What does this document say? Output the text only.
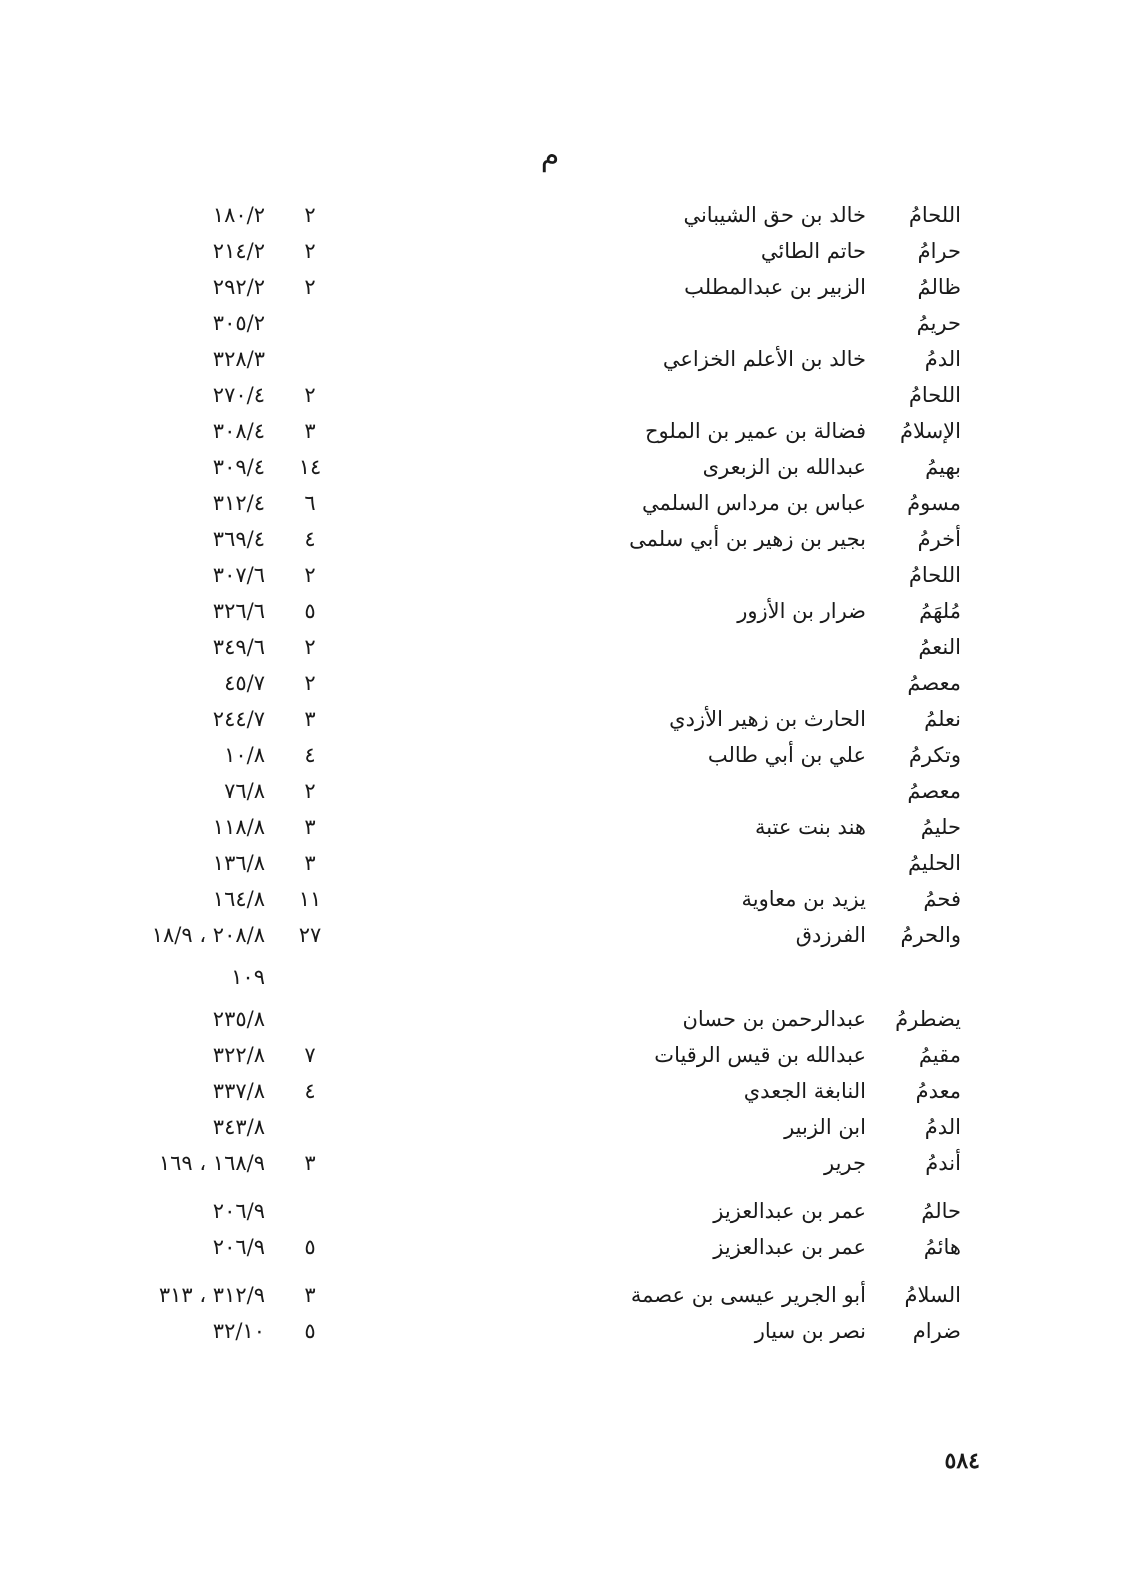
م
اللحامُ
خالد بن حق الشيباني
٢
١٨٠/٢
حرامُ
حاتم الطائي
٢
٢١٤/٢
ظالمُ
الزبير بن عبدالمطلب
٢
٢٩٢/٢
حريمُ
٣٠٥/٢
الدمُ
خالد بن الأعلم الخزاعي
٣٢٨/٣
اللحامُ
٢
٢٧٠/٤
الإسلامُ
فضالة بن عمير بن الملوح
٣
٣٠٨/٤
بهيمُ
عبدالله بن الزبعرى
١٤
٣٠٩/٤
مسومُ
عباس بن مرداس السلمي
٦
٣١٢/٤
أخرمُ
بجير بن زهير بن أبي سلمى
٤
٣٦٩/٤
اللحامُ
٢
٣٠٧/٦
مُلهَمُ
ضرار بن الأزور
٥
٣٢٦/٦
النعمُ
٢
٣٤٩/٦
معصمُ
٢
٤٥/٧
نعلمُ
الحارث بن زهير الأزدي
٣
٢٤٤/٧
وتكرمُ
علي بن أبي طالب
٤
١٠/٨
معصمُ
٢
٧٦/٨
حليمُ
هند بنت عتبة
٣
١١٨/٨
الحليمُ
٣
١٣٦/٨
فحمُ
يزيد بن معاوية
١١
١٦٤/٨
والحرمُ
الفرزدق
٢٧
٢٠٨/٨ ، ١٨/٩
١٠٩
يضطرمُ
عبدالرحمن بن حسان
٢٣٥/٨
مقيمُ
عبدالله بن قيس الرقيات
٧
٣٢٢/٨
معدمُ
النابغة الجعدي
٤
٣٣٧/٨
الدمُ
ابن الزبير
٣٤٣/٨
أندمُ
جرير
٣
١٦٨/٩ ، ١٦٩
حالمُ
عمر بن عبدالعزيز
٢٠٦/٩
هائمُ
عمر بن عبدالعزيز
٥
٢٠٦/٩
السلامُ
أبو الجرير عيسى بن عصمة
٣
٣١٢/٩ ، ٣١٣
ضرام
نصر بن سيار
٥
٣٢/١٠
٥٨٤
